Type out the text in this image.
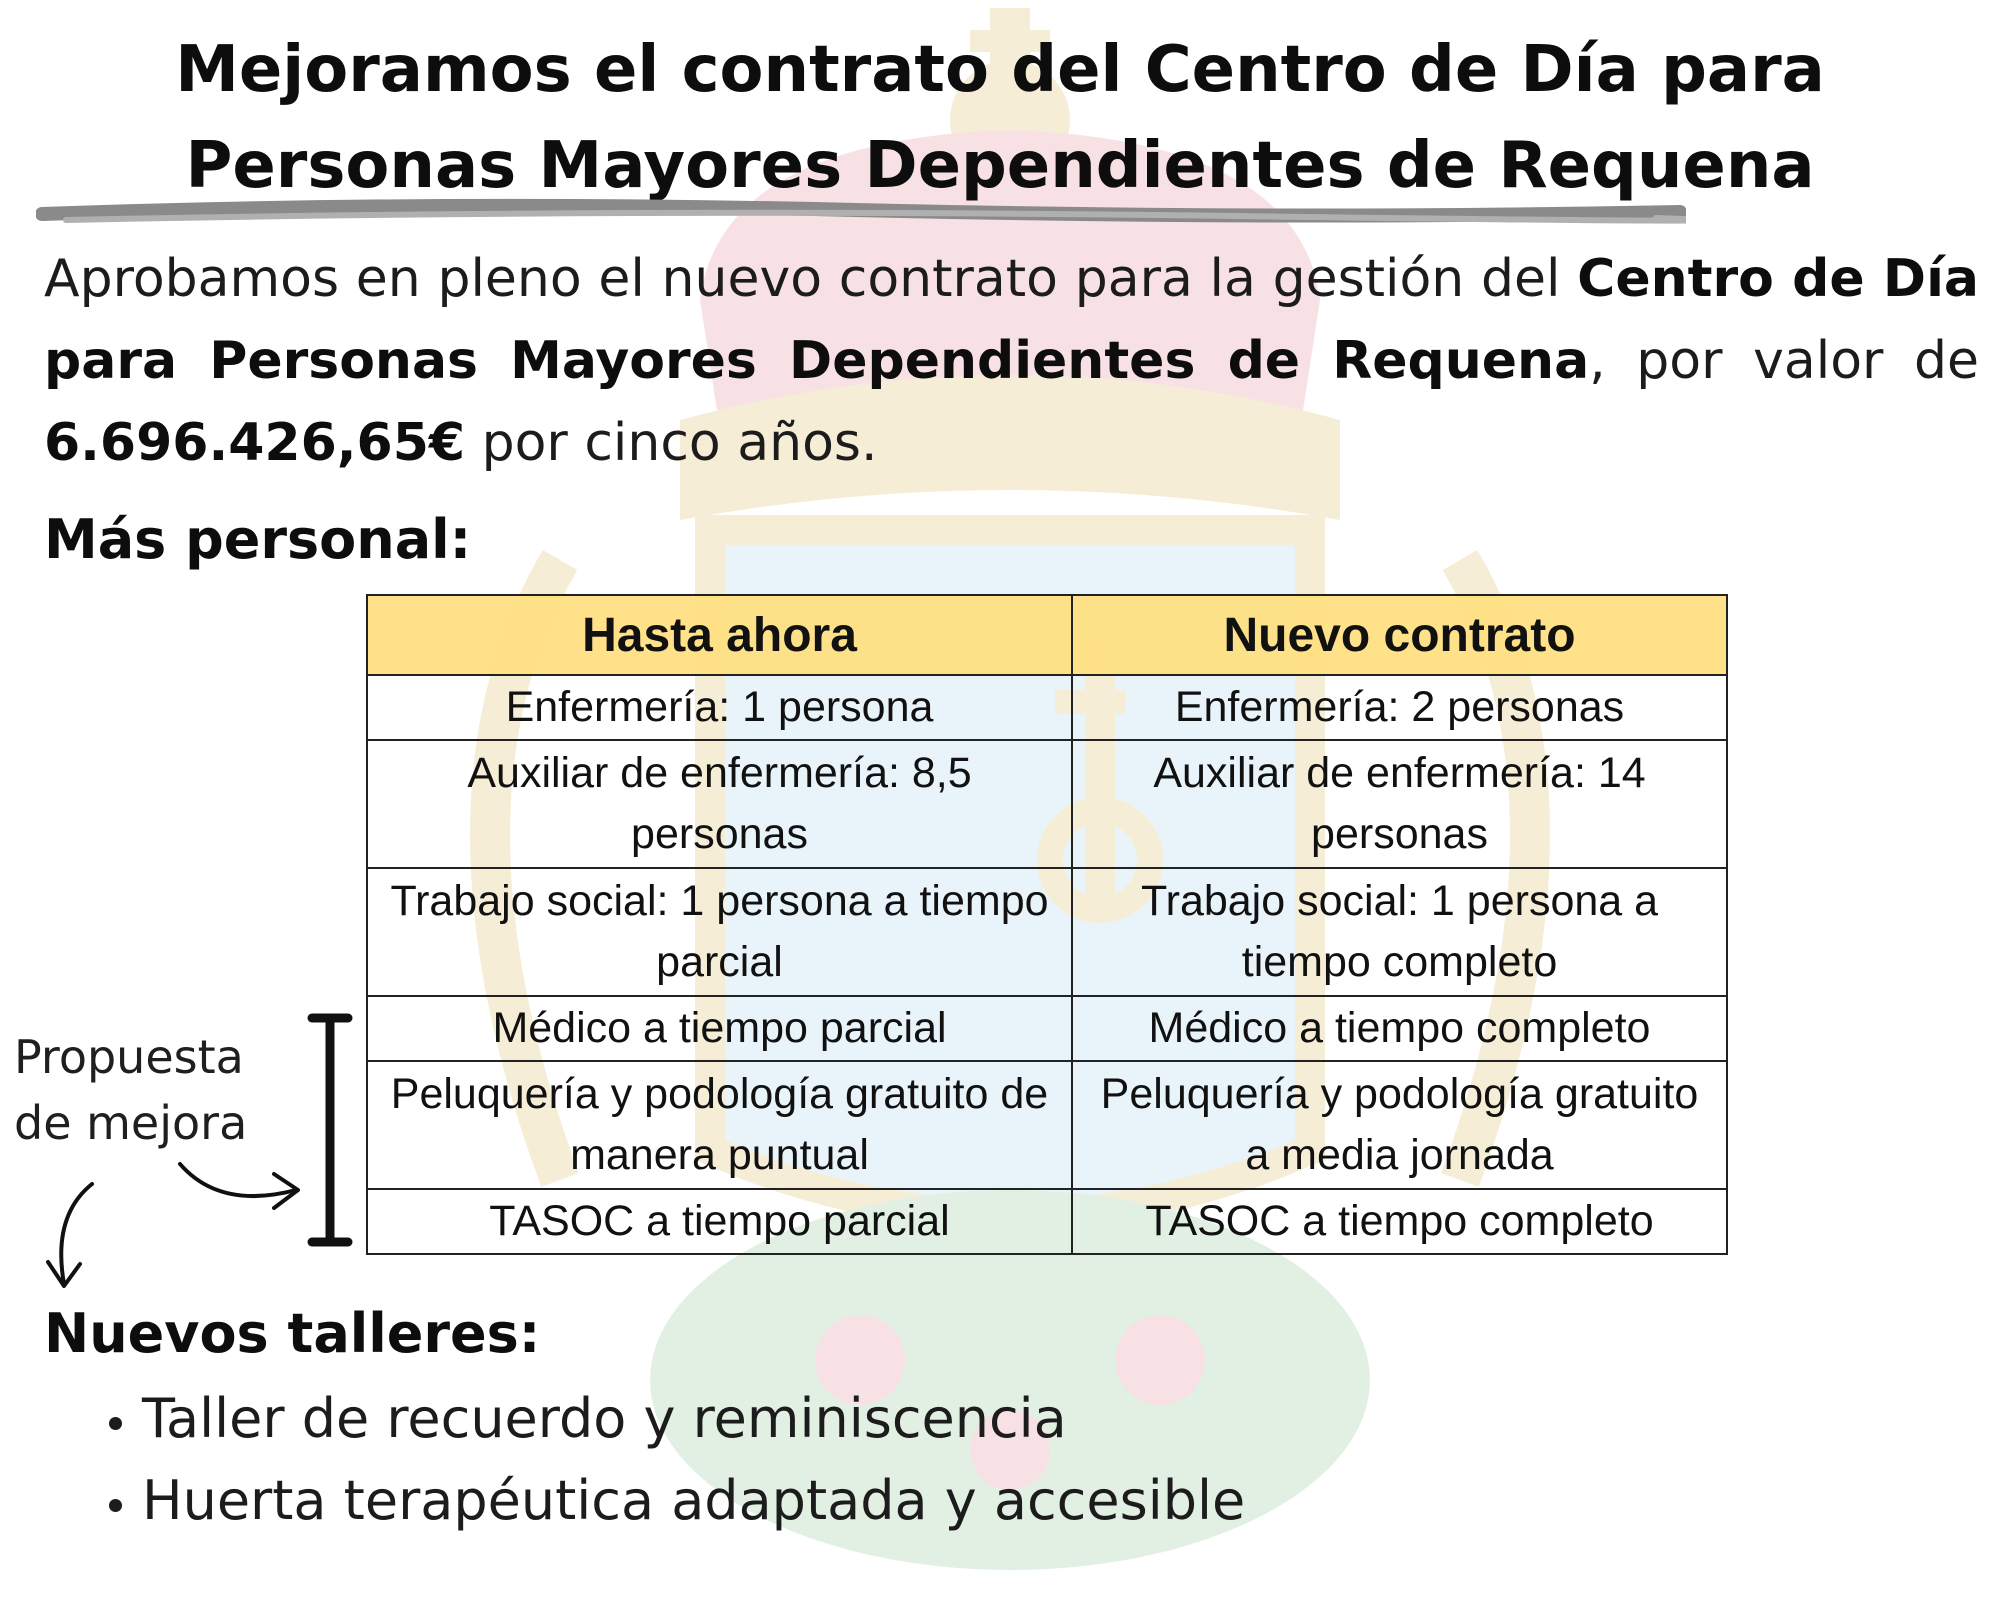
Mejoramos el contrato del Centro de Día para
Personas Mayores Dependientes de Requena
Aprobamos en pleno el nuevo contrato para la gestión del Centro de Día para Personas Mayores Dependientes de Requena, por valor de 6.696.426,65€ por cinco años.
Más personal:
Hasta ahora	Nuevo contrato
Enfermería: 1 persona	Enfermería: 2 personas
Auxiliar de enfermería: 8,5 personas	Auxiliar de enfermería: 14 personas
Trabajo social: 1 persona a tiempo parcial	Trabajo social: 1 persona a tiempo completo
Médico a tiempo parcial	Médico a tiempo completo
Peluquería y podología gratuito de manera puntual	Peluquería y podología gratuito a media jornada
TASOC a tiempo parcial	TASOC a tiempo completo
Propuesta
de mejora
Nuevos talleres:
• Taller de recuerdo y reminiscencia
• Huerta terapéutica adaptada y accesible
